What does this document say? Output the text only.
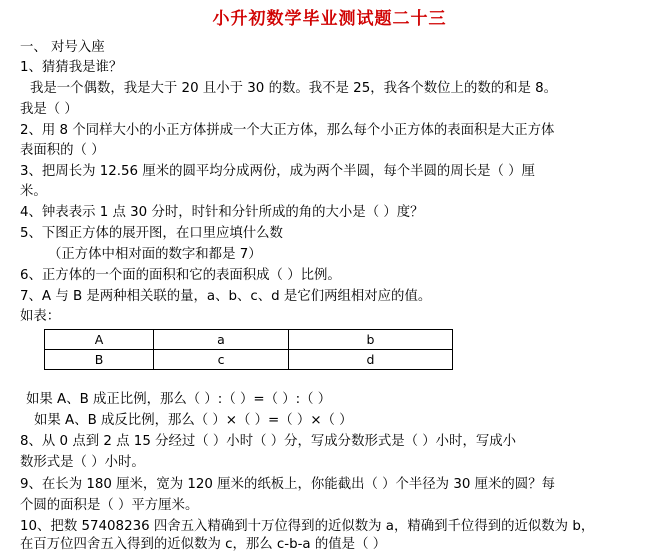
小升初数学毕业测试题二十三
一、 对号入座
1、猜猜我是谁？
我是一个偶数，我是大于 20 且小于 30 的数。我不是 25，我各个数位上的数的和是 8。
我是（ ）
2、用 8 个同样大小的小正方体拼成一个大正方体，那么每个小正方体的表面积是大正方体
表面积的（ ）
3、把周长为 12.56 厘米的圆平均分成两份，成为两个半圆，每个半圆的周长是（ ）厘
米。
4、钟表表示 1 点 30 分时，时针和分针所成的角的大小是（ ）度？
5、下图正方体的展开图，在口里应填什么数
（正方体中相对面的数字和都是 7）
6、正方体的一个面的面积和它的表面积成（ ）比例。
7、A 与 B 是两种相关联的量，a、b、c、d 是它们两组相对应的值。
如表：
A	a	b
B	c	d
如果 A、B 成正比例，那么（ ）:（ ）=（ ）:（ ）
如果 A、B 成反比例，那么（ ）×（ ）=（ ）×（ ）
8、从 0 点到 2 点 15 分经过（ ）小时（ ）分，写成分数形式是（ ）小时，写成小
数形式是（ ）小时。
9、在长为 180 厘米，宽为 120 厘米的纸板上，你能截出（ ）个半径为 30 厘米的圆？每
个圆的面积是（ ）平方厘米。
10、把数 57408236 四舍五入精确到十万位得到的近似数为 a，精确到千位得到的近似数为 b，
在百万位四舍五入得到的近似数为 c，那么 c-b-a 的值是（ ）
